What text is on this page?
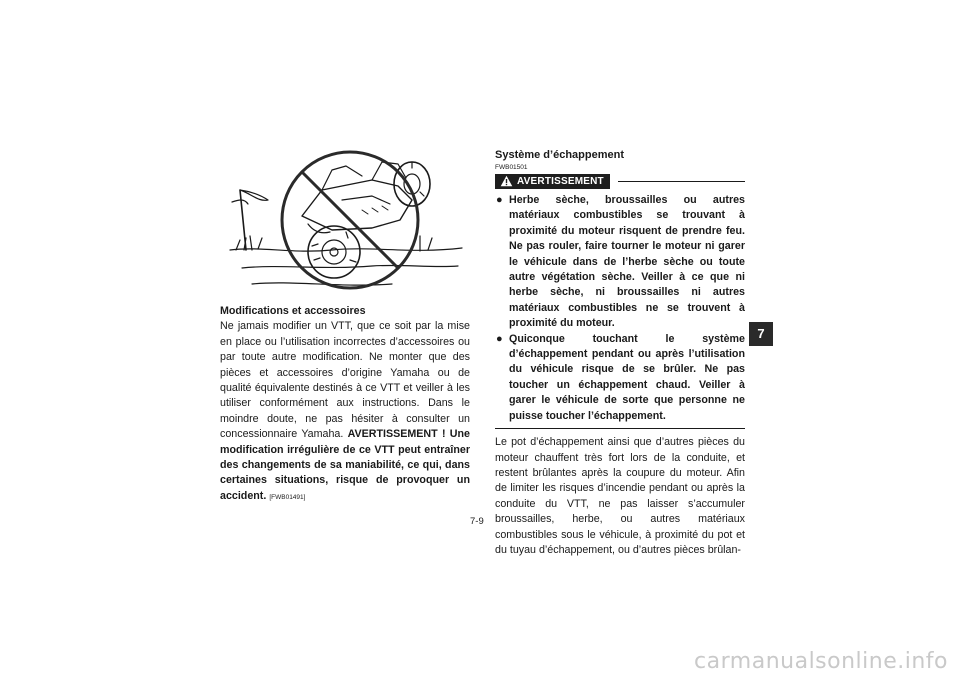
Modifications et accessoires

Ne jamais modifier un VTT, que ce soit par la mise en place ou l’utilisation incorrectes d’accessoires ou par toute autre modification. Ne monter que des pièces et accessoires d’origine Yamaha ou de qualité équivalente destinés à ce VTT et veiller à les utiliser conformément aux instructions. Dans le moindre doute, ne pas hésiter à consulter un concessionnaire Yamaha. AVERTISSEMENT ! Une modification irrégulière de ce VTT peut entraîner des changements de sa maniabilité, ce qui, dans certaines situations, risque de provoquer un accident. [FWB01491]

Système d’échappement
FWB01501
AVERTISSEMENT
● Herbe sèche, broussailles ou autres matériaux combustibles se trouvant à proximité du moteur risquent de prendre feu. Ne pas rouler, faire tourner le moteur ni garer le véhicule dans de l’herbe sèche ou toute autre végétation sèche. Veiller à ce que ni herbe sèche, ni broussailles ni autres matériaux combustibles ne se trouvent à proximité du moteur.
● Quiconque touchant le système d’échappement pendant ou après l’utilisation du véhicule risque de se brûler. Ne pas toucher un échappement chaud. Veiller à garer le véhicule de sorte que personne ne puisse toucher l’échappement.

Le pot d’échappement ainsi que d’autres pièces du moteur chauffent très fort lors de la conduite, et restent brûlantes après la coupure du moteur. Afin de limiter les risques d’incendie pendant ou après la conduite du VTT, ne pas laisser s’accumuler broussailles, herbe, ou autres matériaux combustibles sous le véhicule, à proximité du pot et du tuyau d’échappement, ou d’autres pièces brûlan-

7-9
7
carmanualsonline.info
